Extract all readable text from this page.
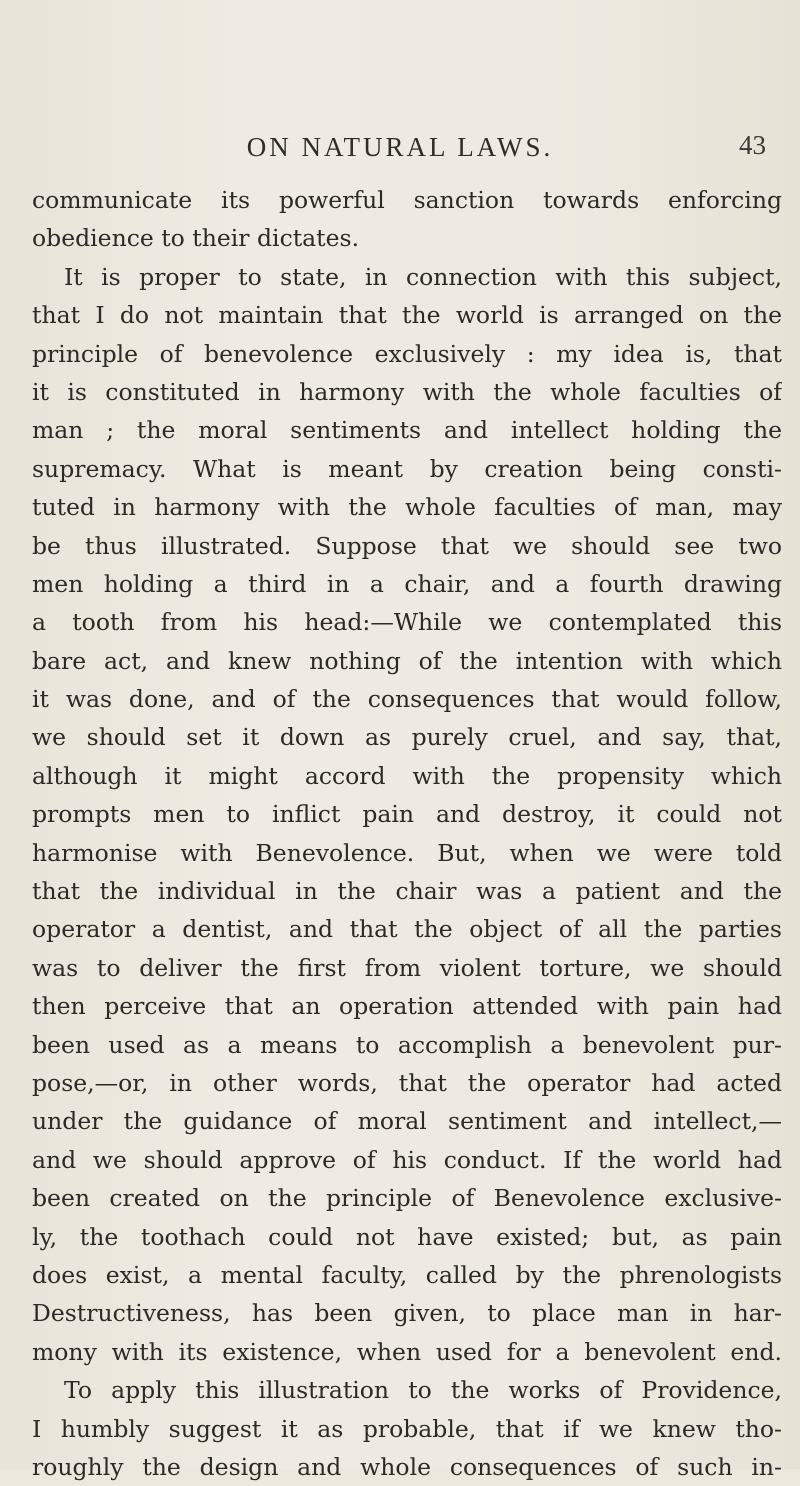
ON NATURAL LAWS.	43
communicate its powerful sanction towards enforcing
obedience to their dictates.
It is proper to state, in connection with this subject,
that I do not maintain that the world is arranged on the
principle of benevolence exclusively : my idea is, that
it is constituted in harmony with the whole faculties of
man ; the moral sentiments and intellect holding the
supremacy. What is meant by creation being consti-
tuted in harmony with the whole faculties of man, may
be thus illustrated. Suppose that we should see two
men holding a third in a chair, and a fourth drawing
a tooth from his head:—While we contemplated this
bare act, and knew nothing of the intention with which
it was done, and of the consequences that would follow,
we should set it down as purely cruel, and say, that,
although it might accord with the propensity which
prompts men to inflict pain and destroy, it could not
harmonise with Benevolence. But, when we were told
that the individual in the chair was a patient and the
operator a dentist, and that the object of all the parties
was to deliver the first from violent torture, we should
then perceive that an operation attended with pain had
been used as a means to accomplish a benevolent pur-
pose,—or, in other words, that the operator had acted
under the guidance of moral sentiment and intellect,—
and we should approve of his conduct. If the world had
been created on the principle of Benevolence exclusive-
ly, the toothach could not have existed; but, as pain
does exist, a mental faculty, called by the phrenologists
Destructiveness, has been given, to place man in har-
mony with its existence, when used for a benevolent end.
To apply this illustration to the works of Providence,
I humbly suggest it as probable, that if we knew tho-
roughly the design and whole consequences of such in-
